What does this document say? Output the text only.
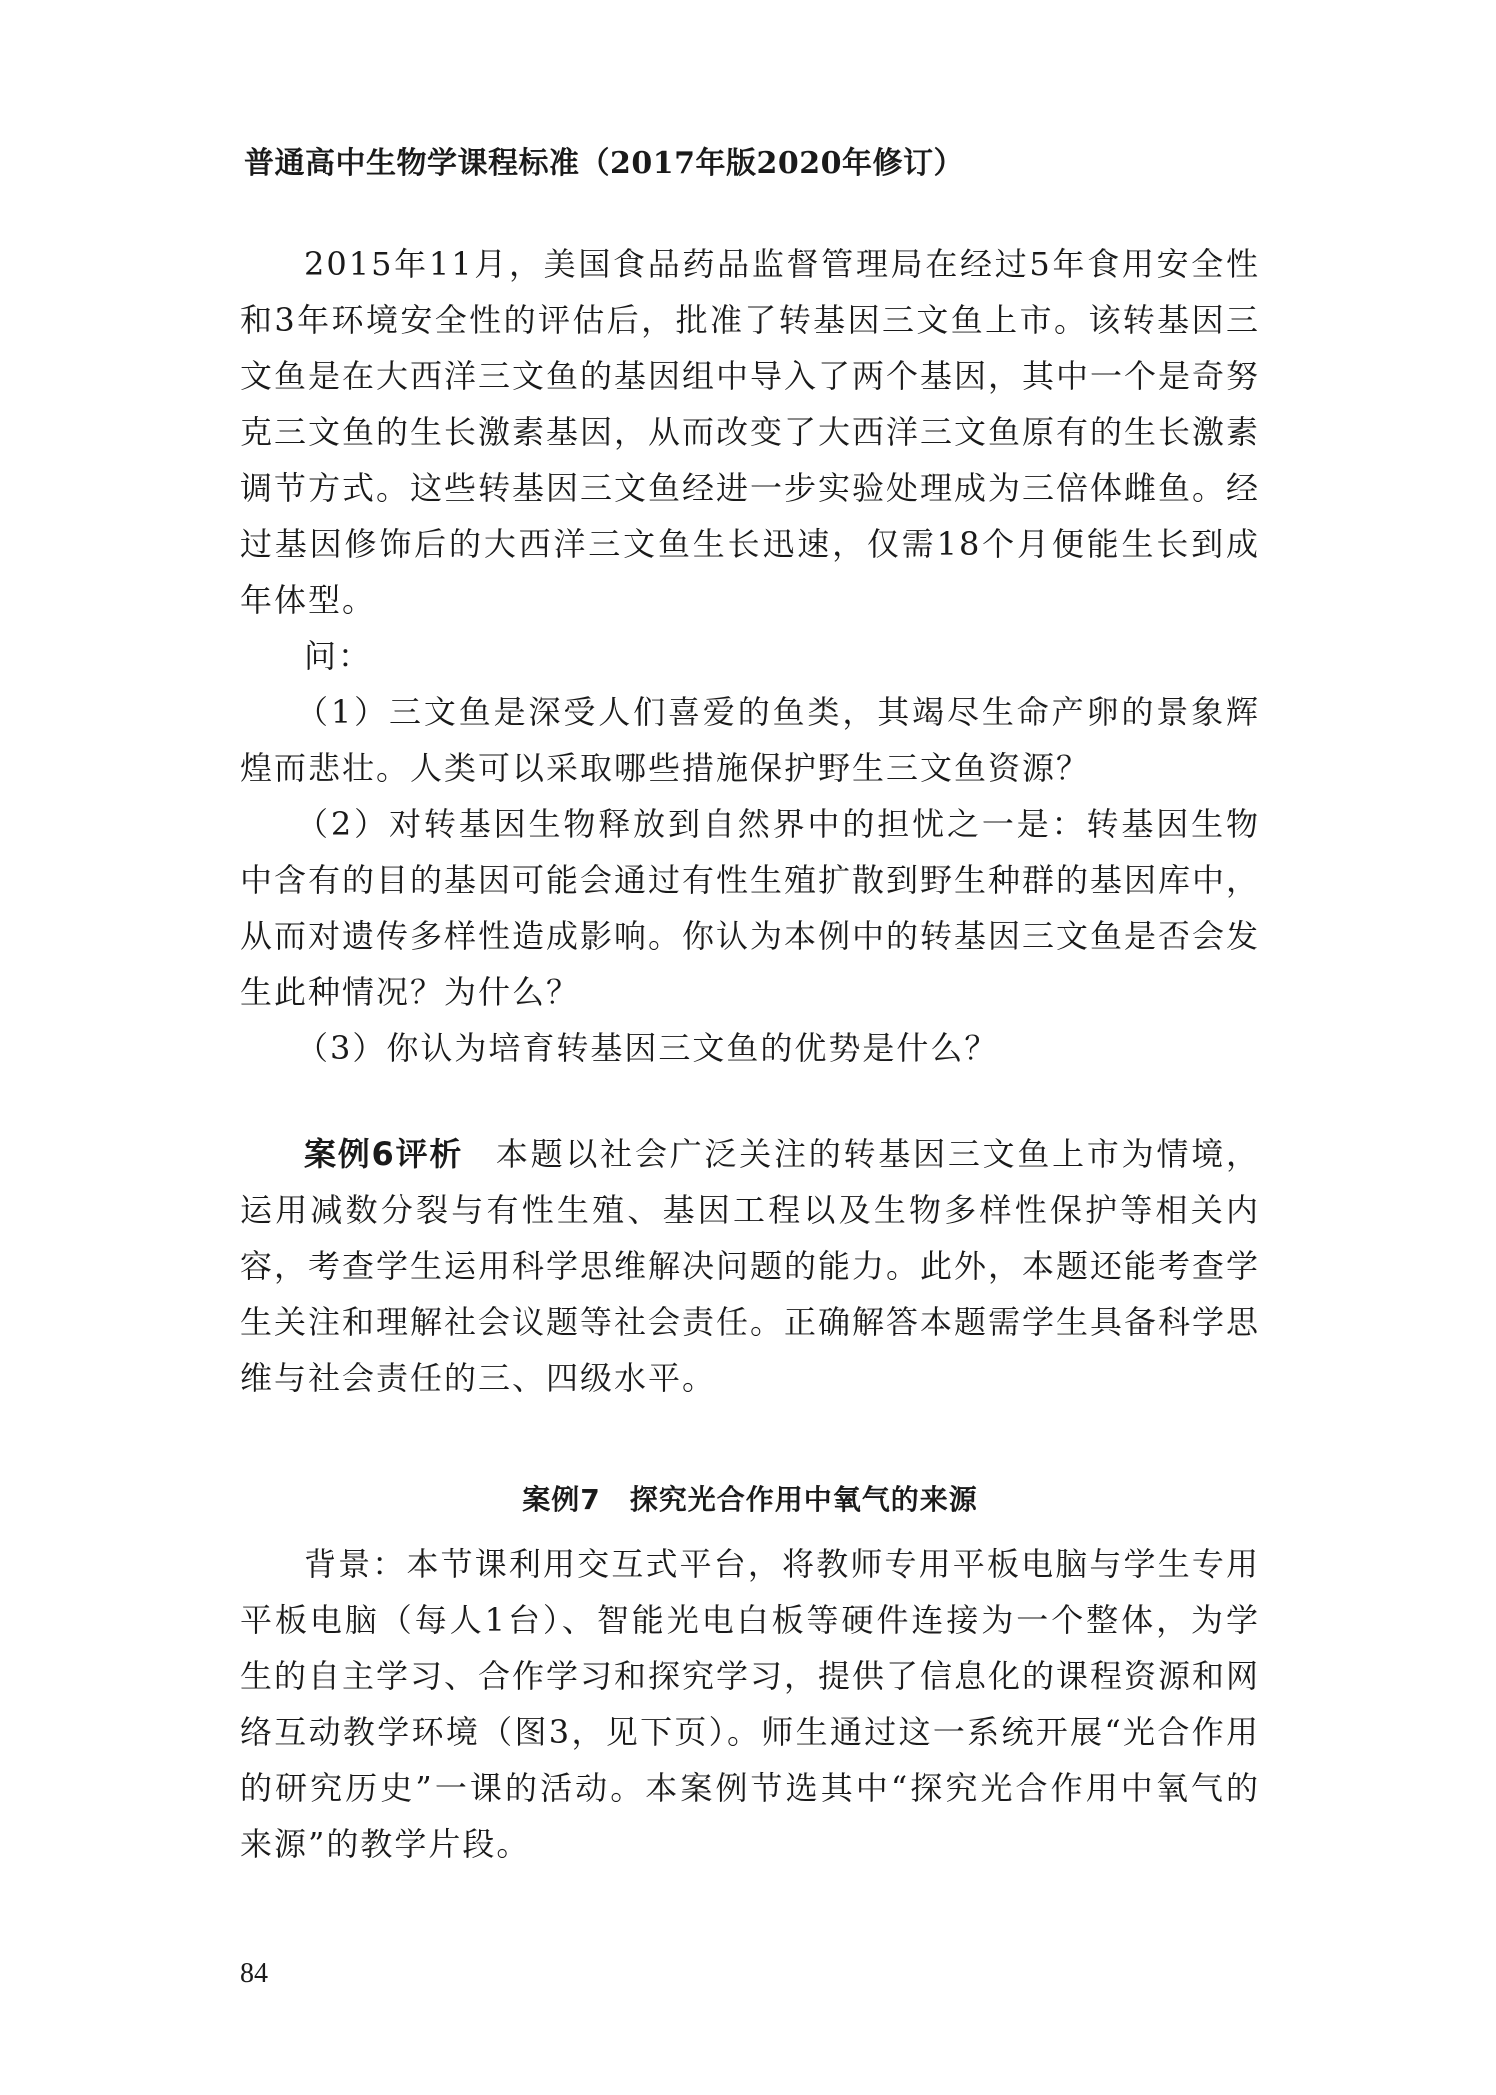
普通高中生物学课程标准（2017年版2020年修订）

2015年11月，美国食品药品监督管理局在经过5年食用安全性和3年环境安全性的评估后，批准了转基因三文鱼上市。该转基因三文鱼是在大西洋三文鱼的基因组中导入了两个基因，其中一个是奇努克三文鱼的生长激素基因，从而改变了大西洋三文鱼原有的生长激素调节方式。这些转基因三文鱼经进一步实验处理成为三倍体雌鱼。经过基因修饰后的大西洋三文鱼生长迅速，仅需18个月便能生长到成年体型。

问：

（1）三文鱼是深受人们喜爱的鱼类，其竭尽生命产卵的景象辉煌而悲壮。人类可以采取哪些措施保护野生三文鱼资源？

（2）对转基因生物释放到自然界中的担忧之一是：转基因生物中含有的目的基因可能会通过有性生殖扩散到野生种群的基因库中，从而对遗传多样性造成影响。你认为本例中的转基因三文鱼是否会发生此种情况？为什么？

（3）你认为培育转基因三文鱼的优势是什么？

案例6评析 本题以社会广泛关注的转基因三文鱼上市为情境，运用减数分裂与有性生殖、基因工程以及生物多样性保护等相关内容，考查学生运用科学思维解决问题的能力。此外，本题还能考查学生关注和理解社会议题等社会责任。正确解答本题需学生具备科学思维与社会责任的三、四级水平。

案例7　探究光合作用中氧气的来源

背景：本节课利用交互式平台，将教师专用平板电脑与学生专用平板电脑（每人1台）、智能光电白板等硬件连接为一个整体，为学生的自主学习、合作学习和探究学习，提供了信息化的课程资源和网络互动教学环境（图3，见下页）。师生通过这一系统开展“光合作用的研究历史”一课的活动。本案例节选其中“探究光合作用中氧气的来源”的教学片段。

84
